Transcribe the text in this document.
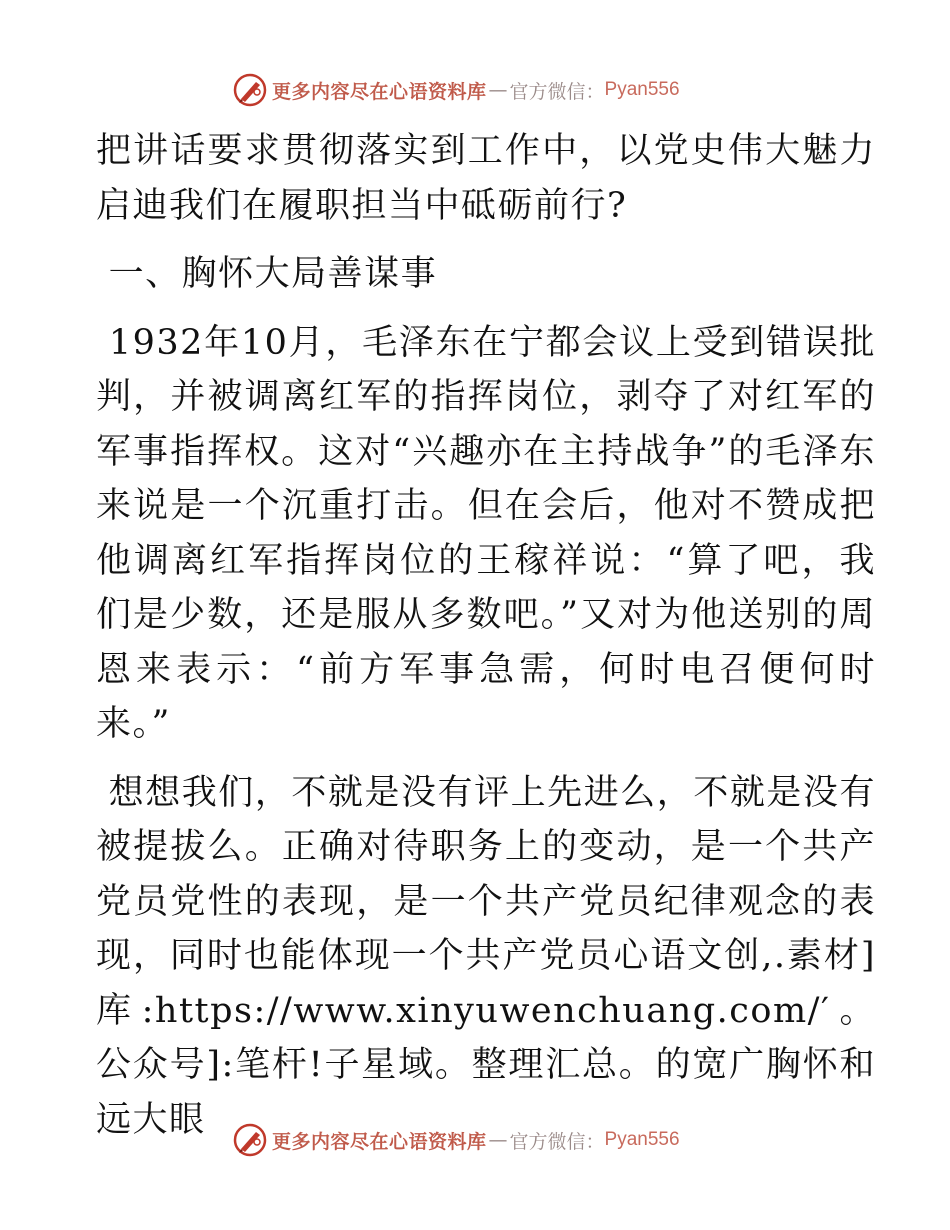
更多内容尽在心语资料库 — 官方微信： Pyan556

把讲话要求贯彻落实到工作中，以党史伟大魅力启迪我们在履职担当中砥砺前行?

一、胸怀大局善谋事

1932年10月，毛泽东在宁都会议上受到错误批判，并被调离红军的指挥岗位，剥夺了对红军的军事指挥权。这对“兴趣亦在主持战争”的毛泽东来说是一个沉重打击。但在会后，他对不赞成把他调离红军指挥岗位的王稼祥说：“算了吧，我们是少数，还是服从多数吧。”又对为他送别的周恩来表示：“前方军事急需，何时电召便何时来。”

想想我们，不就是没有评上先进么，不就是没有被提拔么。正确对待职务上的变动，是一个共产党员党性的表现，是一个共产党员纪律观念的表现，同时也能体现一个共产党员心语文创,.素材]库:https://www.xinyuwenchuang.com/′。公众号]:笔杆!子星域。整理汇总。的宽广胸怀和远大眼

更多内容尽在心语资料库 — 官方微信： Pyan556
